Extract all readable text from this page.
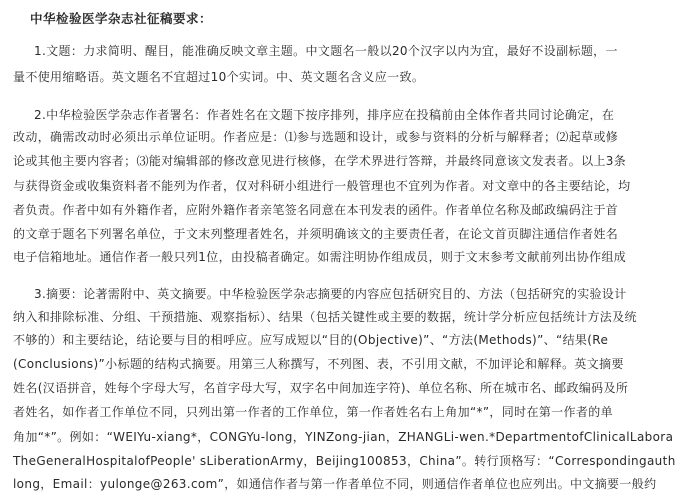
中华检验医学杂志社征稿要求：
1.文题：力求简明、醒目，能准确反映文章主题。中文题名一般以20个汉字以内为宜，最好不设副标题，一
量不使用缩略语。英文题名不宜超过10个实词。中、英文题名含义应一致。
2.中华检验医学杂志作者署名：作者姓名在文题下按序排列，排序应在投稿前由全体作者共同讨论确定，在
改动，确需改动时必须出示单位证明。作者应是：⑴参与选题和设计，或参与资料的分析与解释者；⑵起草或修
论或其他主要内容者；⑶能对编辑部的修改意见进行核修，在学术界进行答辩，并最终同意该文发表者。以上3条
与获得资金或收集资料者不能列为作者，仅对科研小组进行一般管理也不宜列为作者。对文章中的各主要结论，均
者负责。作者中如有外籍作者，应附外籍作者亲笔签名同意在本刊发表的函件。作者单位名称及邮政编码注于首
的文章于题名下列署名单位，于文末列整理者姓名，并须明确该文的主要责任者，在论文首页脚注通信作者姓名
电子信箱地址。通信作者一般只列1位，由投稿者确定。如需注明协作组成员，则于文末参考文献前列出协作组成
3.摘要：论著需附中、英文摘要。中华检验医学杂志摘要的内容应包括研究目的、方法（包括研究的实验设计
纳入和排除标准、分组、干预措施、观察指标）、结果（包括关键性或主要的数据，统计学分析应包括统计方法及统
不够的）和主要结论，结论要与目的相呼应。应写成短以“目的(Objective)”、“方法(Methods)”、“结果(Re
(Conclusions)”小标题的结构式摘要。用第三人称撰写，不列图、表，不引用文献，不加评论和解释。英文摘要
姓名(汉语拼音，姓每个字母大写，名首字母大写，双字名中间加连字符)、单位名称、所在城市名、邮政编码及所
者姓名，如作者工作单位不同，只列出第一作者的工作单位，第一作者姓名右上角加“*”，同时在第一作者的单
角加“*”。例如：“WEIYu-xiang*，CONGYu-long，YINZong-jian，ZHANGLi-wen.*DepartmentofClinicalLabora
TheGeneralHospitalofPeople' sLiberationArmy，Beijing100853，China”。转行顶格写：“Correspondingauth
long，Email：yulonge@263.com”，如通信作者与第一作者单位不同，则通信作者单位也应列出。中文摘要一般约
